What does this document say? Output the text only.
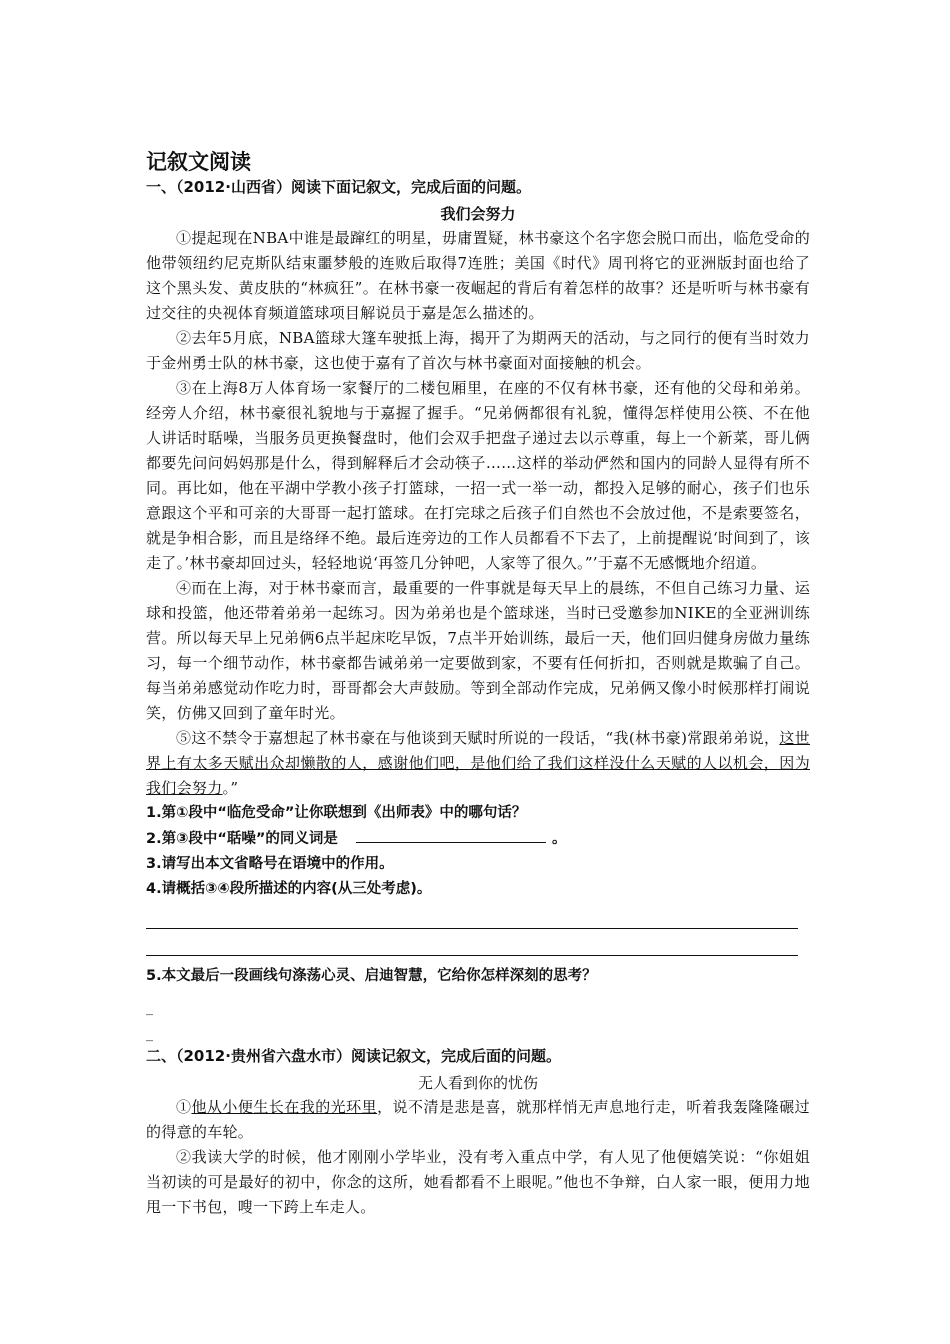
记叙文阅读

一、（2012·山西省）阅读下面记叙文，完成后面的问题。

我们会努力

①提起现在NBA中谁是最蹿红的明星，毋庸置疑，林书豪这个名字您会脱口而出，临危受命的他带领纽约尼克斯队结束噩梦般的连败后取得7连胜；美国《时代》周刊将它的亚洲版封面也给了这个黑头发、黄皮肤的“林疯狂”。在林书豪一夜崛起的背后有着怎样的故事？还是听听与林书豪有过交往的央视体育频道篮球项目解说员于嘉是怎么描述的。

②去年5月底，NBA篮球大篷车驶抵上海，揭开了为期两天的活动，与之同行的便有当时效力于金州勇士队的林书豪，这也使于嘉有了首次与林书豪面对面接触的机会。

③在上海8万人体育场一家餐厅的二楼包厢里，在座的不仅有林书豪，还有他的父母和弟弟。经旁人介绍，林书豪很礼貌地与于嘉握了握手。“兄弟俩都很有礼貌，懂得怎样使用公筷、不在他人讲话时聒噪，当服务员更换餐盘时，他们会双手把盘子递过去以示尊重，每上一个新菜，哥儿俩都要先问问妈妈那是什么，得到解释后才会动筷子……这样的举动俨然和国内的同龄人显得有所不同。再比如，他在平湖中学教小孩子打篮球，一招一式一举一动，都投入足够的耐心，孩子们也乐意跟这个平和可亲的大哥哥一起打篮球。在打完球之后孩子们自然也不会放过他，不是索要签名，就是争相合影，而且是络绎不绝。最后连旁边的工作人员都看不下去了，上前提醒说‘时间到了，该走了。’林书豪却回过头，轻轻地说‘再签几分钟吧，人家等了很久。”’于嘉不无感慨地介绍道。

④而在上海，对于林书豪而言，最重要的一件事就是每天早上的晨练，不但自己练习力量、运球和投篮，他还带着弟弟一起练习。因为弟弟也是个篮球迷，当时已受邀参加NIKE的全亚洲训练营。所以每天早上兄弟俩6点半起床吃早饭，7点半开始训练，最后一天，他们回归健身房做力量练习，每一个细节动作，林书豪都告诫弟弟一定要做到家，不要有任何折扣，否则就是欺骗了自己。每当弟弟感觉动作吃力时，哥哥都会大声鼓励。等到全部动作完成，兄弟俩又像小时候那样打闹说笑，仿佛又回到了童年时光。

⑤这不禁令于嘉想起了林书豪在与他谈到天赋时所说的一段话，“我(林书豪)常跟弟弟说，这世界上有太多天赋出众却懒散的人，感谢他们吧，是他们给了我们这样没什么天赋的人以机会，因为我们会努力。”

1.第①段中“临危受命”让你联想到《出师表》中的哪句话？

2.第③段中“聒噪”的同义词是	。

3.请写出本文省略号在语境中的作用。

4.请概括③④段所描述的内容(从三处考虑)。

5.本文最后一段画线句涤荡心灵、启迪智慧，它给你怎样深刻的思考？

_

_

二、（2012·贵州省六盘水市）阅读记叙文，完成后面的问题。

无人看到你的忧伤

①他从小便生长在我的光环里，说不清是悲是喜，就那样悄无声息地行走，听着我轰隆隆碾过的得意的车轮。

②我读大学的时候，他才刚刚小学毕业，没有考入重点中学，有人见了他便嬉笑说：“你姐姐当初读的可是最好的初中，你念的这所，她看都看不上眼呢。”他也不争辩，白人家一眼，便用力地甩一下书包，嗖一下跨上车走人。
